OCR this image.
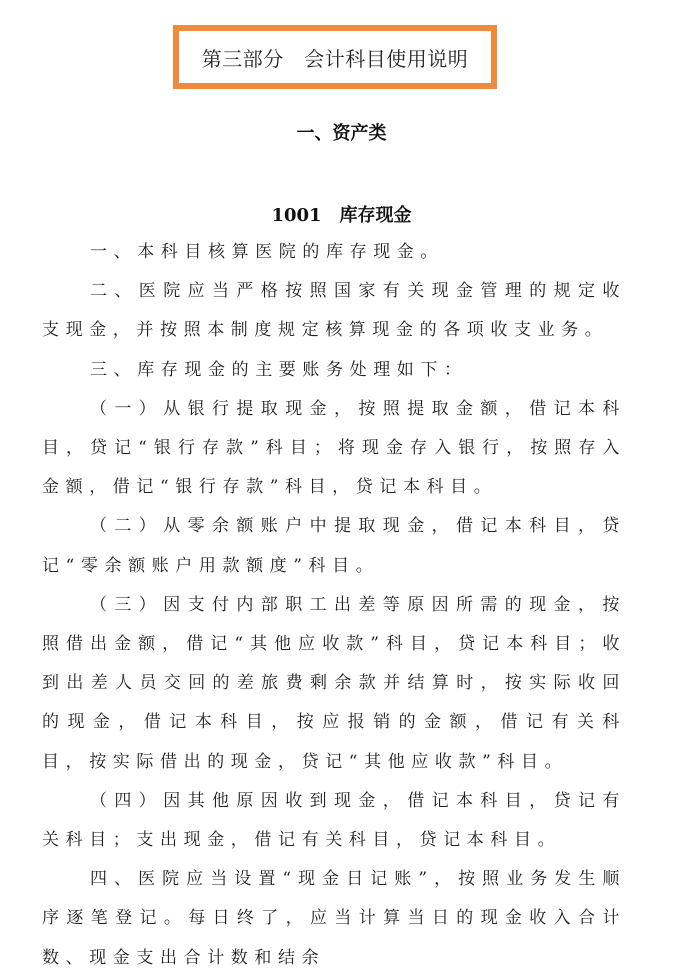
第三部分　会计科目使用说明
一、资产类
1001　库存现金

一、本科目核算医院的库存现金。

二、医院应当严格按照国家有关现金管理的规定收支现金，并按照本制度规定核算现金的各项收支业务。

三、库存现金的主要账务处理如下：

（一）从银行提取现金，按照提取金额，借记本科目，贷记“银行存款”科目；将现金存入银行，按照存入金额，借记“银行存款”科目，贷记本科目。

（二）从零余额账户中提取现金，借记本科目，贷记“零余额账户用款额度”科目。

（三）因支付内部职工出差等原因所需的现金，按照借出金额，借记“其他应收款”科目，贷记本科目；收到出差人员交回的差旅费剩余款并结算时，按实际收回的现金，借记本科目，按应报销的金额，借记有关科目，按实际借出的现金，贷记“其他应收款”科目。

（四）因其他原因收到现金，借记本科目，贷记有关科目；支出现金，借记有关科目，贷记本科目。

四、医院应当设置“现金日记账”，按照业务发生顺序逐笔登记。每日终了，应当计算当日的现金收入合计数、现金支出合计数和结余
